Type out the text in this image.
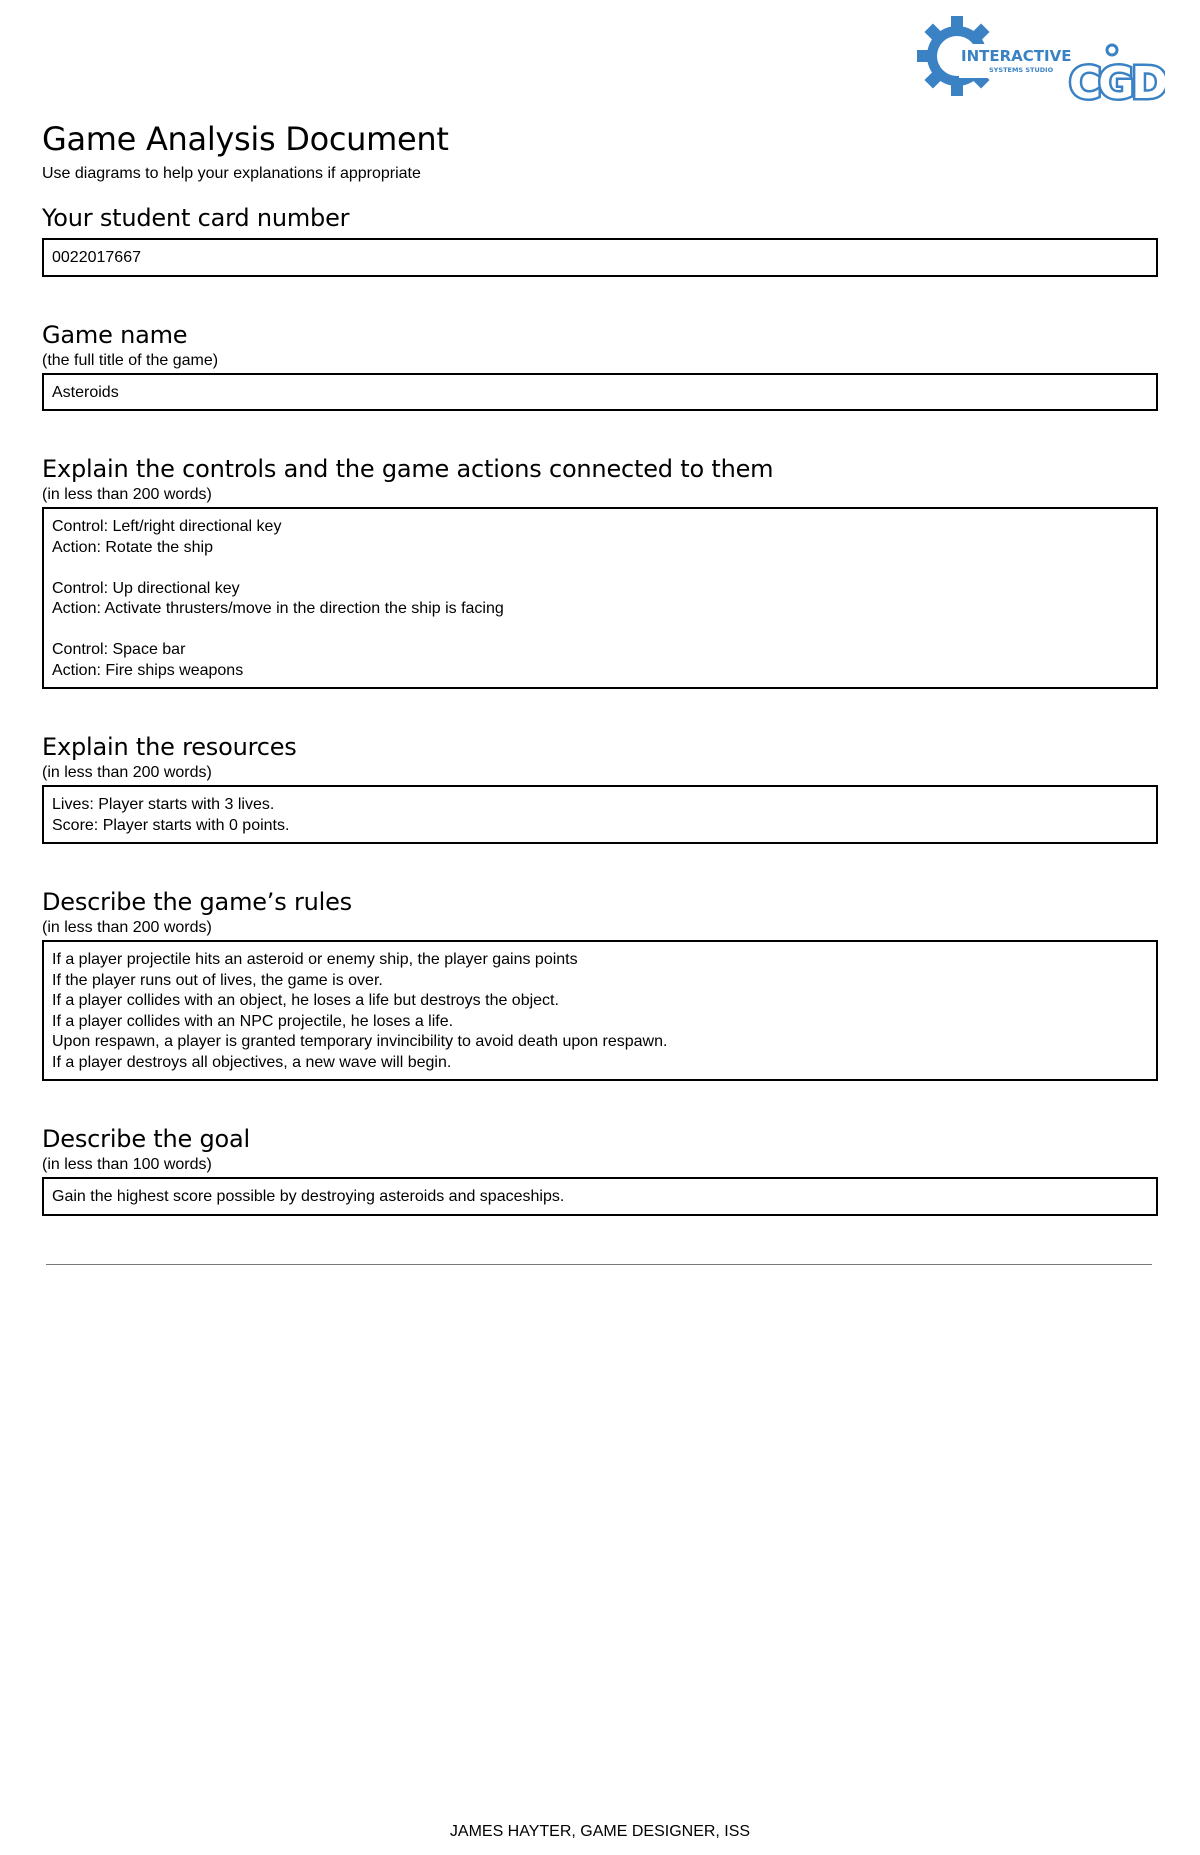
INTERACTIVE
SYSTEMS STUDIO CGD
Game Analysis Document

Use diagrams to help your explanations if appropriate

Your student card number
0022017667
Game name

(the full title of the game)

Asteroids
Explain the controls and the game actions connected to them

(in less than 200 words)

Control: Left/right directional key
Action: Rotate the ship
Control: Up directional key
Action: Activate thrusters/move in the direction the ship is facing
Control: Space bar
Action: Fire ships weapons
Explain the resources

(in less than 200 words)

Lives: Player starts with 3 lives.
Score: Player starts with 0 points.
Describe the game’s rules

(in less than 200 words)

If a player projectile hits an asteroid or enemy ship, the player gains points
If the player runs out of lives, the game is over.
If a player collides with an object, he loses a life but destroys the object.
If a player collides with an NPC projectile, he loses a life.
Upon respawn, a player is granted temporary invincibility to avoid death upon respawn.
If a player destroys all objectives, a new wave will begin.
Describe the goal

(in less than 100 words)

Gain the highest score possible by destroying asteroids and spaceships.
JAMES HAYTER, GAME DESIGNER, ISS
